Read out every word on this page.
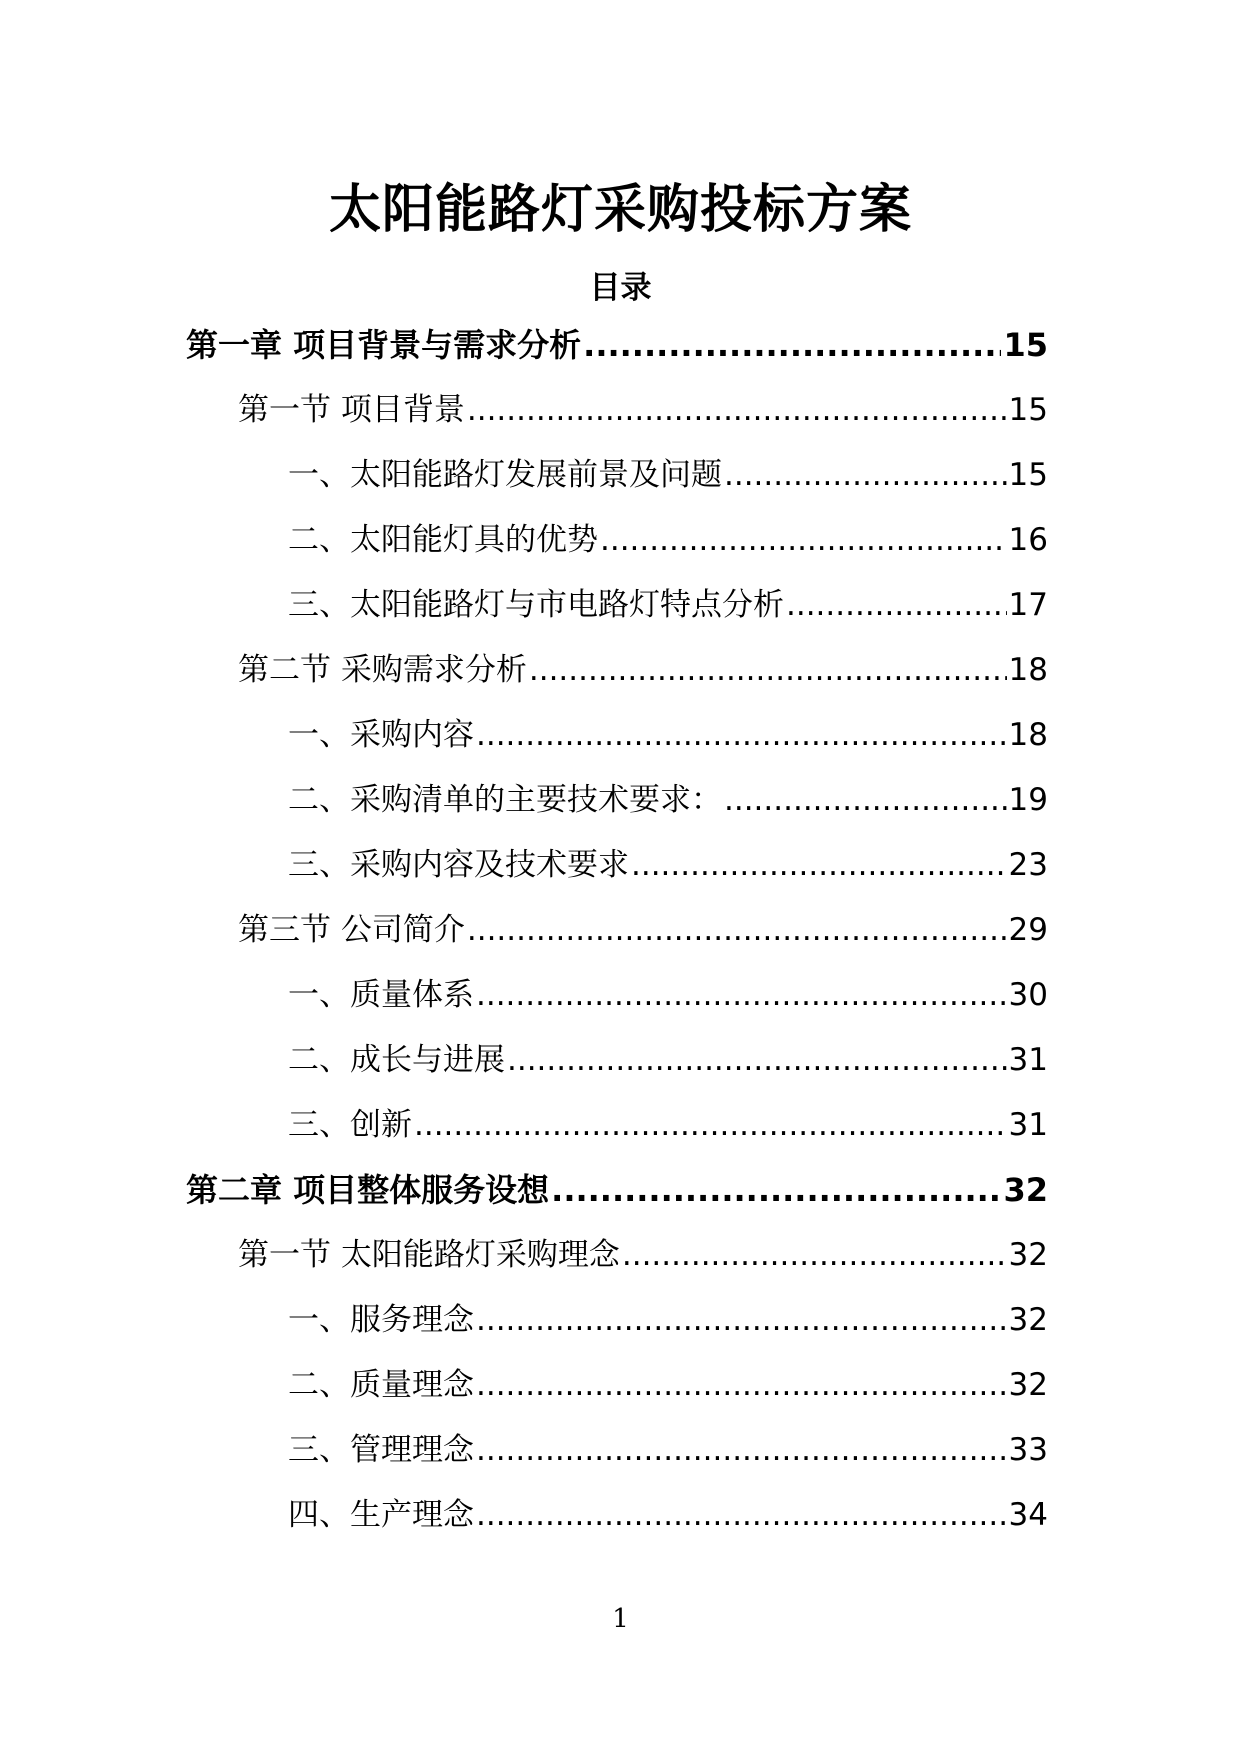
太阳能路灯采购投标方案
目录
第一章 项目背景与需求分析 .....	15
第一节 项目背景 .....	15
一、太阳能路灯发展前景及问题 .....	15
二、太阳能灯具的优势 .....	16
三、太阳能路灯与市电路灯特点分析 .....	17
第二节 采购需求分析 .....	18
一、采购内容 .....	18
二、采购清单的主要技术要求： .....	19
三、采购内容及技术要求 .....	23
第三节 公司简介 .....	29
一、质量体系 .....	30
二、成长与进展 .....	31
三、创新 .....	31
第二章 项目整体服务设想 .....	32
第一节 太阳能路灯采购理念 .....	32
一、服务理念 .....	32
二、质量理念 .....	32
三、管理理念 .....	33
四、生产理念 .....	34
1
